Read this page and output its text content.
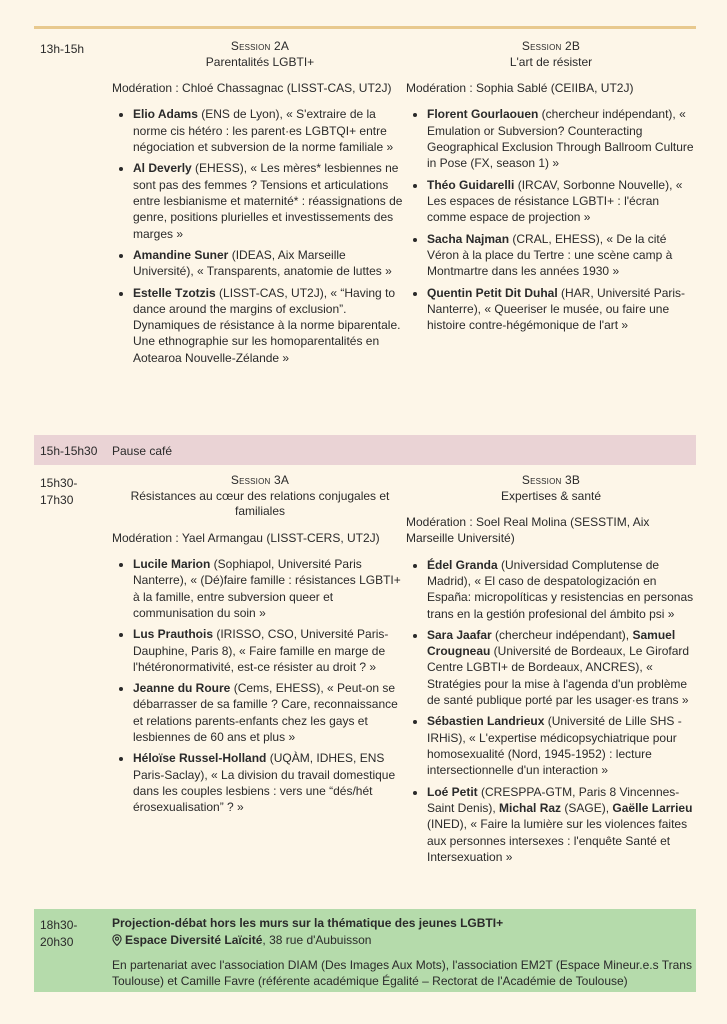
13h-15h	Session 2A
Parentalités LGBTI+
Modération : Chloé Chassagnac (LISST-CAS, UT2J)
• Elio Adams (ENS de Lyon), « S'extraire de la norme cis hétéro : les parent·es LGBTQI+ entre négociation et subversion de la norme familiale »
• Al Deverly (EHESS), « Les mères* lesbiennes ne sont pas des femmes ? Tensions et articulations entre lesbianisme et maternité* : réassignations de genre, positions plurielles et investissements des marges »
• Amandine Suner (IDEAS, Aix Marseille Université), « Transparents, anatomie de luttes »
• Estelle Tzotzis (LISST-CAS, UT2J), « “Having to dance around the margins of exclusion”. Dynamiques de résistance à la norme biparentale. Une ethnographie sur les homoparentalités en Aotearoa Nouvelle-Zélande »
Session 2B
L'art de résister
Modération : Sophia Sablé (CEIIBA, UT2J)
• Florent Gourlaouen (chercheur indépendant), « Emulation or Subversion? Counteracting Geographical Exclusion Through Ballroom Culture in Pose (FX, season 1) »
• Théo Guidarelli (IRCAV, Sorbonne Nouvelle), « Les espaces de résistance LGBTI+ : l'écran comme espace de projection »
• Sacha Najman (CRAL, EHESS), « De la cité Véron à la place du Tertre : une scène camp à Montmartre dans les années 1930 »
• Quentin Petit Dit Duhal (HAR, Université Paris-Nanterre), « Queeriser le musée, ou faire une histoire contre-hégémonique de l'art »
15h-15h30 Pause café
15h30-17h30
Session 3A
Résistances au cœur des relations conjugales et familiales
Modération : Yael Armangau (LISST-CERS, UT2J)
• Lucile Marion (Sophiapol, Université Paris Nanterre), « (Dé)faire famille : résistances LGBTI+ à la famille, entre subversion queer et communisation du soin »
• Lus Prauthois (IRISSO, CSO, Université Paris-Dauphine, Paris 8), « Faire famille en marge de l'hétéronormativité, est-ce résister au droit ? »
• Jeanne du Roure (Cems, EHESS), « Peut-on se débarrasser de sa famille ? Care, reconnaissance et relations parents-enfants chez les gays et lesbiennes de 60 ans et plus »
• Héloïse Russel-Holland (UQÀM, IDHES, ENS Paris-Saclay), « La division du travail domestique dans les couples lesbiens : vers une “dés/hét érosexualisation” ? »
Session 3B
Expertises & santé
Modération : Soel Real Molina (SESSTIM, Aix Marseille Université)
• Édel Granda (Universidad Complutense de Madrid), « El caso de despatologización en España: micropolíticas y resistencias en personas trans en la gestión profesional del ámbito psi »
• Sara Jaafar (chercheur indépendant), Samuel Crougneau (Université de Bordeaux, Le Girofard Centre LGBTI+ de Bordeaux, ANCRES), « Stratégies pour la mise à l'agenda d'un problème de santé publique porté par les usager·es trans »
• Sébastien Landrieux (Université de Lille SHS - IRHiS), « L'expertise médicopsychiatrique pour homosexualité (Nord, 1945-1952) : lecture intersectionnelle d'un interaction »
• Loé Petit (CRESPPA-GTM, Paris 8 Vincennes-Saint Denis), Michal Raz (SAGE), Gaëlle Larrieu (INED), « Faire la lumière sur les violences faites aux personnes intersexes : l'enquête Santé et Intersexuation »
18h30-20h30
Projection-débat hors les murs sur la thématique des jeunes LGBTI+
Espace Diversité Laïcité, 38 rue d'Aubuisson
En partenariat avec l'association DIAM (Des Images Aux Mots), l'association EM2T (Espace Mineur.e.s Trans Toulouse) et Camille Favre (référente académique Égalité – Rectorat de l'Académie de Toulouse)
